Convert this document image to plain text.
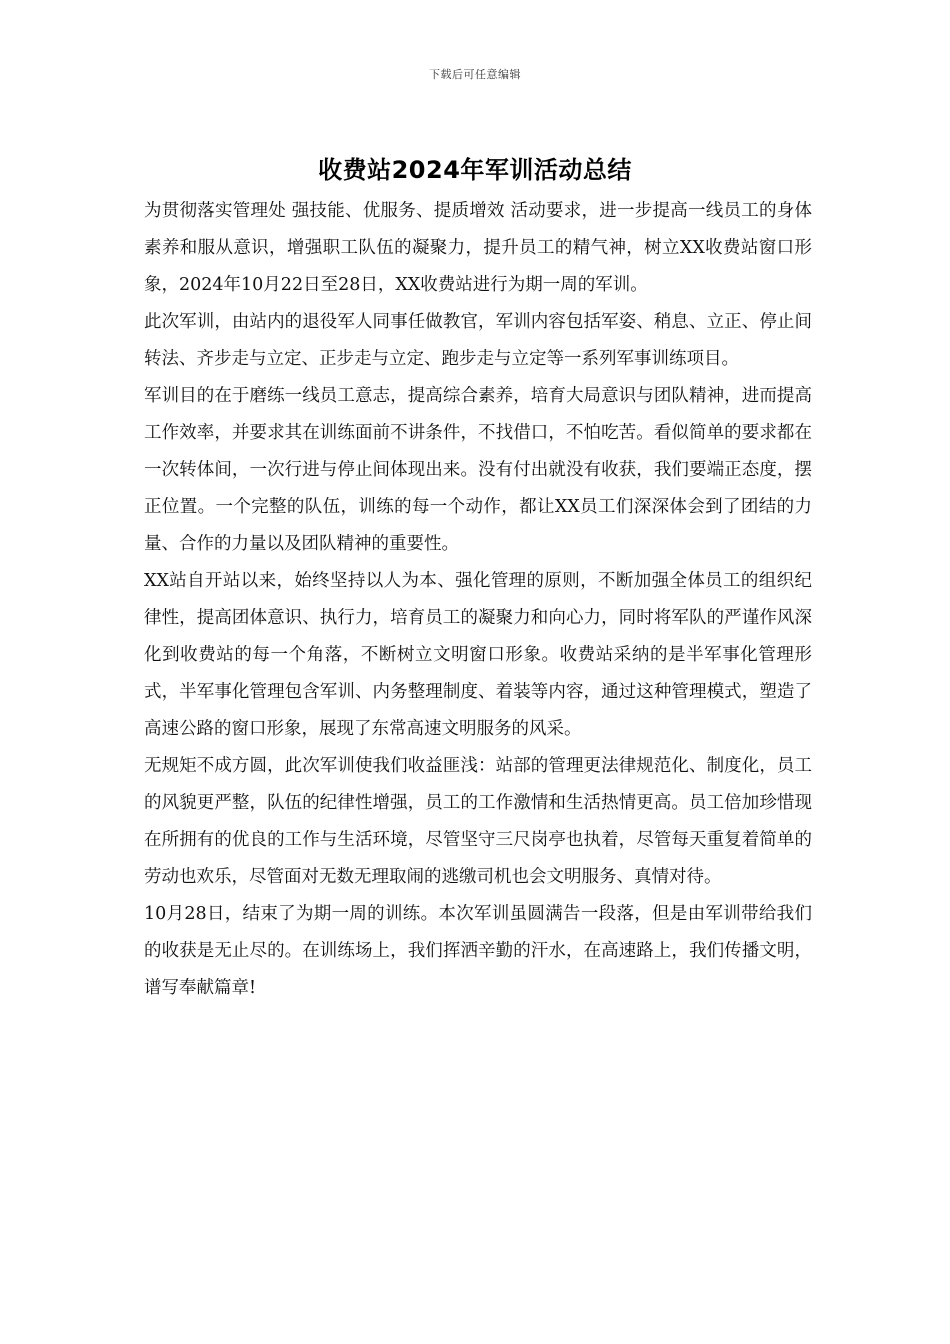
下载后可任意编辑
收费站2024年军训活动总结

为贯彻落实管理处 强技能、优服务、提质增效 活动要求，进一步提高一线员工的身体素养和服从意识，增强职工队伍的凝聚力，提升员工的精气神，树立XX收费站窗口形象，2024年10月22日至28日，XX收费站进行为期一周的军训。

此次军训，由站内的退役军人同事任做教官，军训内容包括军姿、稍息、立正、停止间转法、齐步走与立定、正步走与立定、跑步走与立定等一系列军事训练项目。

军训目的在于磨练一线员工意志，提高综合素养，培育大局意识与团队精神，进而提高工作效率，并要求其在训练面前不讲条件，不找借口，不怕吃苦。看似简单的要求都在一次转体间，一次行进与停止间体现出来。没有付出就没有收获，我们要端正态度，摆正位置。一个完整的队伍，训练的每一个动作，都让XX员工们深深体会到了团结的力量、合作的力量以及团队精神的重要性。

XX站自开站以来，始终坚持以人为本、强化管理的原则，不断加强全体员工的组织纪律性，提高团体意识、执行力，培育员工的凝聚力和向心力，同时将军队的严谨作风深化到收费站的每一个角落，不断树立文明窗口形象。收费站采纳的是半军事化管理形式，半军事化管理包含军训、内务整理制度、着装等内容，通过这种管理模式，塑造了高速公路的窗口形象，展现了东常高速文明服务的风采。

无规矩不成方圆，此次军训使我们收益匪浅：站部的管理更法律规范化、制度化，员工的风貌更严整，队伍的纪律性增强，员工的工作激情和生活热情更高。员工倍加珍惜现在所拥有的优良的工作与生活环境，尽管坚守三尺岗亭也执着，尽管每天重复着简单的劳动也欢乐，尽管面对无数无理取闹的逃缴司机也会文明服务、真情对待。

10月28日，结束了为期一周的训练。本次军训虽圆满告一段落，但是由军训带给我们的收获是无止尽的。在训练场上，我们挥洒辛勤的汗水，在高速路上，我们传播文明，谱写奉献篇章!
